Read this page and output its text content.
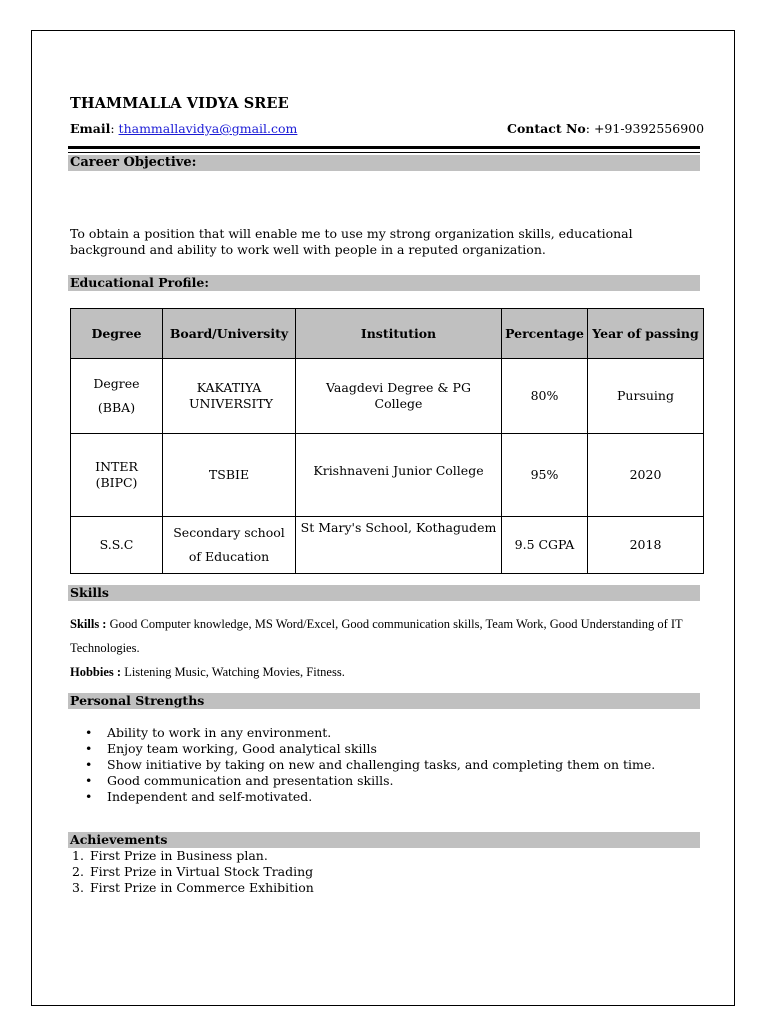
THAMMALLA VIDYA SREE
Email: thammallavidya@gmail.com	Contact No: +91-9392556900
Career Objective:
To obtain a position that will enable me to use my strong organization skills, educational background and ability to work well with people in a reputed organization.
Educational Profile:
Degree	Board/University	Institution	Percentage	Year of passing

Degree
(BBA)	KAKATIYA UNIVERSITY	Vaagdevi Degree & PG College	80%	Pursuing

INTER
(BIPC)	TSBIE	Krishnaveni Junior College	95%	2020

S.S.C	Secondary school of Education	St Mary's School, Kothagudem	9.5 CGPA	2018
Skills
Skills : Good Computer knowledge, MS Word/Excel, Good communication skills, Team Work, Good Understanding of IT Technologies.
Hobbies : Listening Music, Watching Movies, Fitness.
Personal Strengths
• Ability to work in any environment.
• Enjoy team working, Good analytical skills
• Show initiative by taking on new and challenging tasks, and completing them on time.
• Good communication and presentation skills.
• Independent and self-motivated.
Achievements
1. First Prize in Business plan.
2. First Prize in Virtual Stock Trading
3. First Prize in Commerce Exhibition
